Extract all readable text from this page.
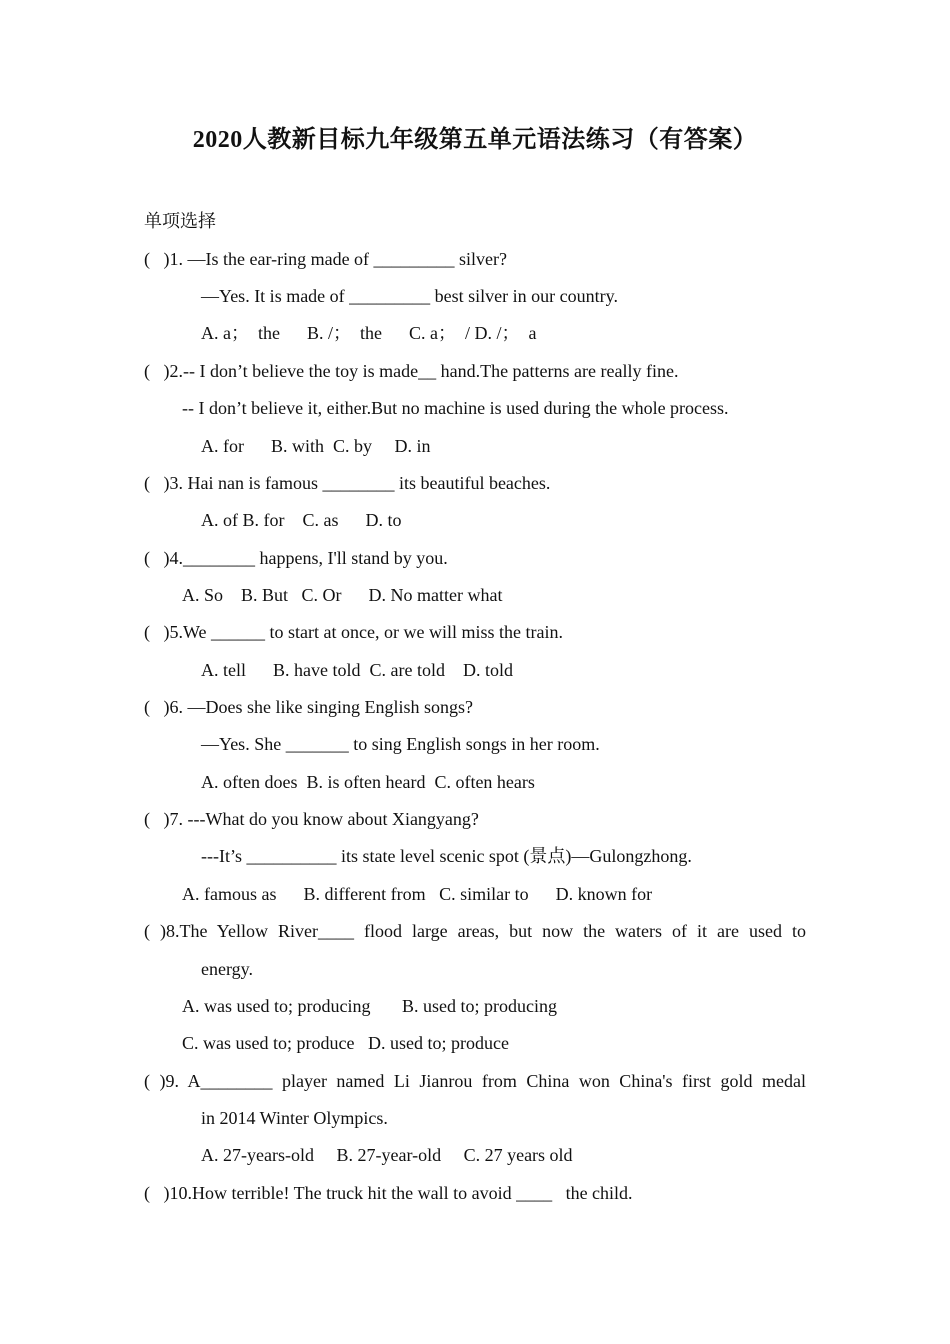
2020人教新目标九年级第五单元语法练习（有答案）
单项选择
(   )1. —Is the ear-ring made of _________ silver?
—Yes. It is made of _________ best silver in our country.
A. a；  the      B. /；  the      C. a；  / D. /；  a
(   )2.-- I don’t believe the toy is made__ hand.The patterns are really fine.
-- I don’t believe it, either.But no machine is used during the whole process.
A. for      B. with  C. by     D. in
(   )3. Hai nan is famous ________ its beautiful beaches.
A. of B. for    C. as      D. to
(   )4.________ happens, I'll stand by you.
A. So    B. But   C. Or      D. No matter what
(   )5.We ______ to start at once, or we will miss the train.
A. tell      B. have told  C. are told    D. told
(   )6. —Does she like singing English songs?
—Yes. She _______ to sing English songs in her room.
A. often does  B. is often heard  C. often hears
(   )7. ---What do you know about Xiangyang?
---It’s __________ its state level scenic spot (景点)—Gulongzhong.
A. famous as      B. different from   C. similar to      D. known for
( )8.The Yellow River____ flood large areas, but now the waters of it are used to
energy.
A. was used to; producing       B. used to; producing
C. was used to; produce   D. used to; produce
( )9. A________ player named Li Jianrou from China won China's first gold medal
in 2014 Winter Olympics.
A. 27-years-old     B. 27-year-old     C. 27 years old
(   )10.How terrible! The truck hit the wall to avoid ____   the child.
